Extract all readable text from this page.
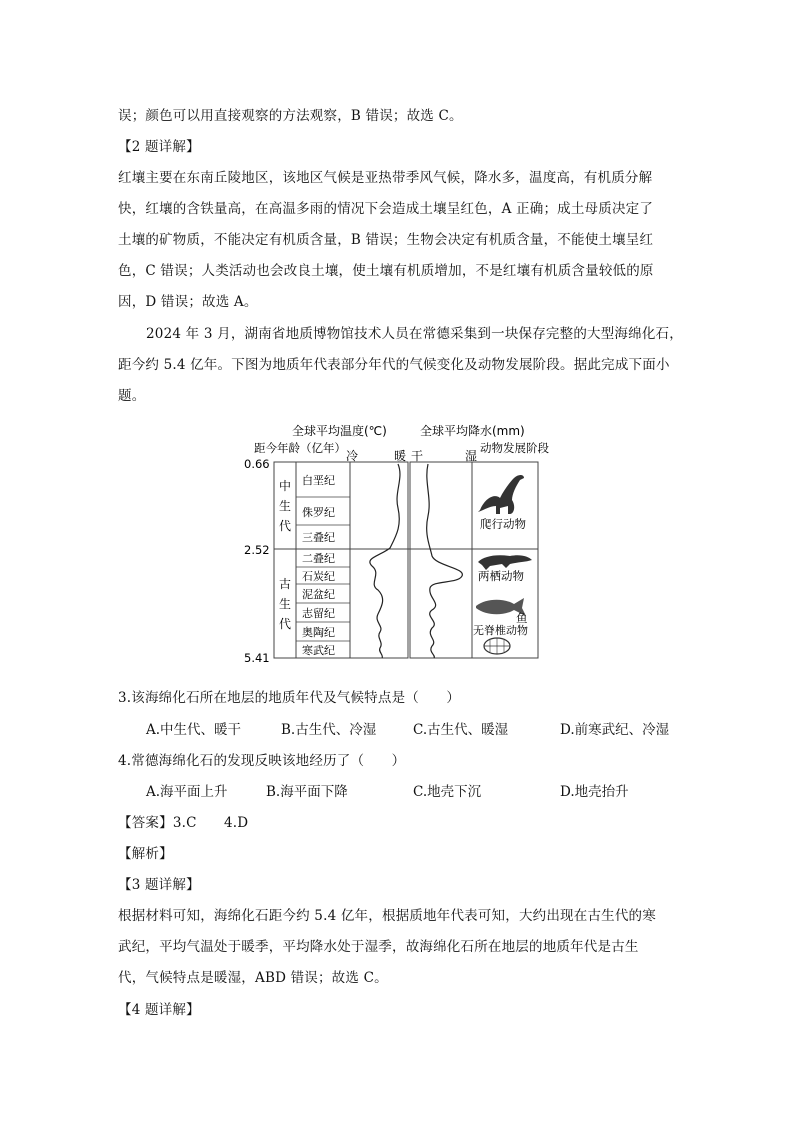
误；颜色可以用直接观察的方法观察，B 错误；故选 C。
【2 题详解】
红壤主要在东南丘陵地区，该地区气候是亚热带季风气候，降水多，温度高，有机质分解
快，红壤的含铁量高，在高温多雨的情况下会造成土壤呈红色，A 正确；成土母质决定了
土壤的矿物质，不能决定有机质含量，B 错误；生物会决定有机质含量，不能使土壤呈红
色，C 错误；人类活动也会改良土壤，使土壤有机质增加，不是红壤有机质含量较低的原
因，D 错误；故选 A。
2024 年 3 月，湖南省地质博物馆技术人员在常德采集到一块保存完整的大型海绵化石，
距今约 5.4 亿年。下图为地质年代表部分年代的气候变化及动物发展阶段。据此完成下面小
题。
全球平均温度(℃)	全球平均降水(mm)
距今年龄（亿年）	动物发展阶段
冷	暖 干	湿
0.66
2.52
5.41
中
生
代
古
生
代
白垩纪
侏罗纪
三叠纪
二叠纪
石炭纪
泥盆纪
志留纪
奥陶纪
寒武纪
爬行动物
两栖动物
鱼
无脊椎动物
3.该海绵化石所在地层的地质年代及气候特点是（　　）
A.中生代、暖干	B.古生代、冷湿	C.古生代、暖湿	D.前寒武纪、冷湿
4.常德海绵化石的发现反映该地经历了（　　）
A.海平面上升	B.海平面下降	C.地壳下沉	D.地壳抬升
【答案】3.C　　4.D
【解析】
【3 题详解】
根据材料可知，海绵化石距今约 5.4 亿年，根据质地年代表可知，大约出现在古生代的寒
武纪，平均气温处于暖季，平均降水处于湿季，故海绵化石所在地层的地质年代是古生
代，气候特点是暖湿，ABD 错误；故选 C。
【4 题详解】
